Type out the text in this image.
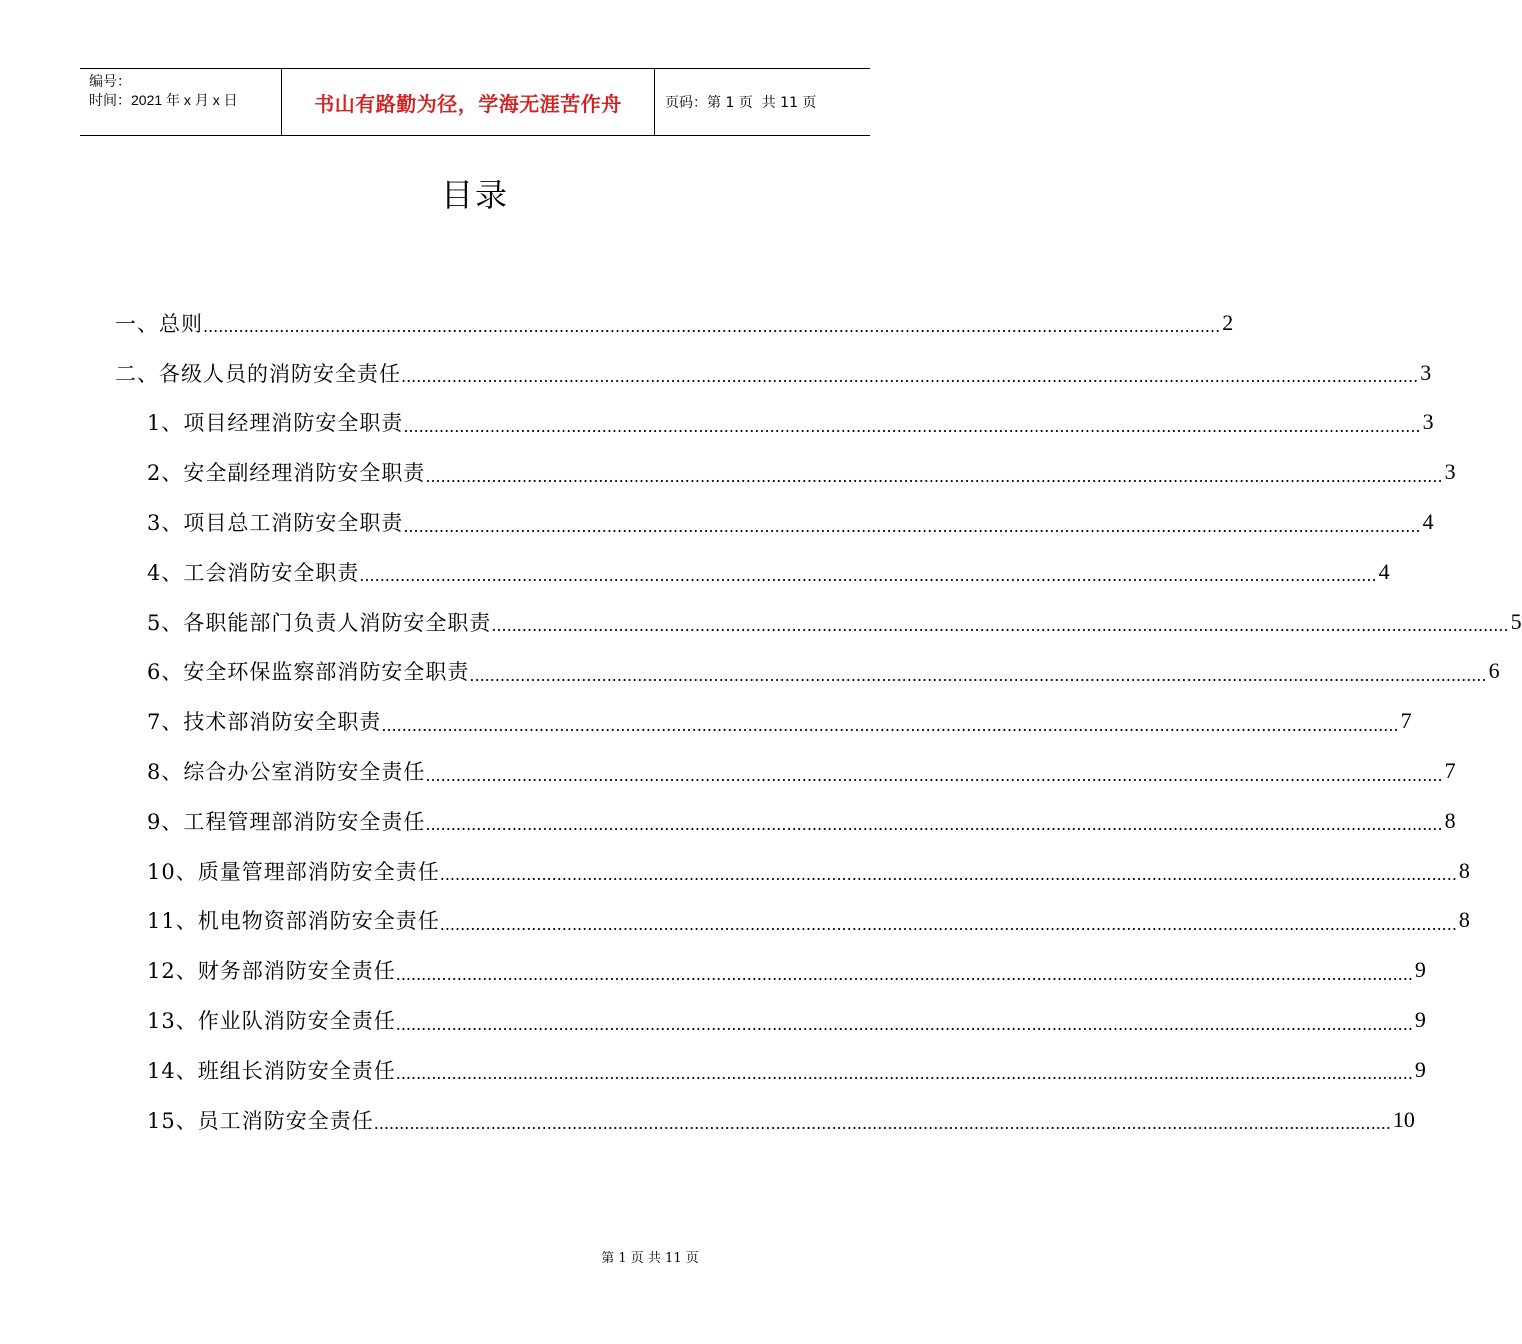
编号：
时间：2021 年 x 月 x 日	书山有路勤为径，学海无涯苦作舟	页码：第 1 页  共 11 页
目录
一、总则 ........................................................................................................................................................................................................ 2
二、各级人员的消防安全责任 ........................................................................................................................................................................................................ 3
1、项目经理消防安全职责 ........................................................................................................................................................................................................ 3
2、安全副经理消防安全职责 ........................................................................................................................................................................................................ 3
3、项目总工消防安全职责 ........................................................................................................................................................................................................ 4
4、工会消防安全职责 ........................................................................................................................................................................................................ 4
5、各职能部门负责人消防安全职责 ........................................................................................................................................................................................................ 5
6、安全环保监察部消防安全职责 ........................................................................................................................................................................................................ 6
7、技术部消防安全职责 ........................................................................................................................................................................................................ 7
8、综合办公室消防安全责任 ........................................................................................................................................................................................................ 7
9、工程管理部消防安全责任 ........................................................................................................................................................................................................ 8
10、质量管理部消防安全责任 ........................................................................................................................................................................................................ 8
11、机电物资部消防安全责任 ........................................................................................................................................................................................................ 8
12、财务部消防安全责任 ........................................................................................................................................................................................................ 9
13、作业队消防安全责任 ........................................................................................................................................................................................................ 9
14、班组长消防安全责任 ........................................................................................................................................................................................................ 9
15、员工消防安全责任 ........................................................................................................................................................................................................ 10
第 1 页 共 11 页
